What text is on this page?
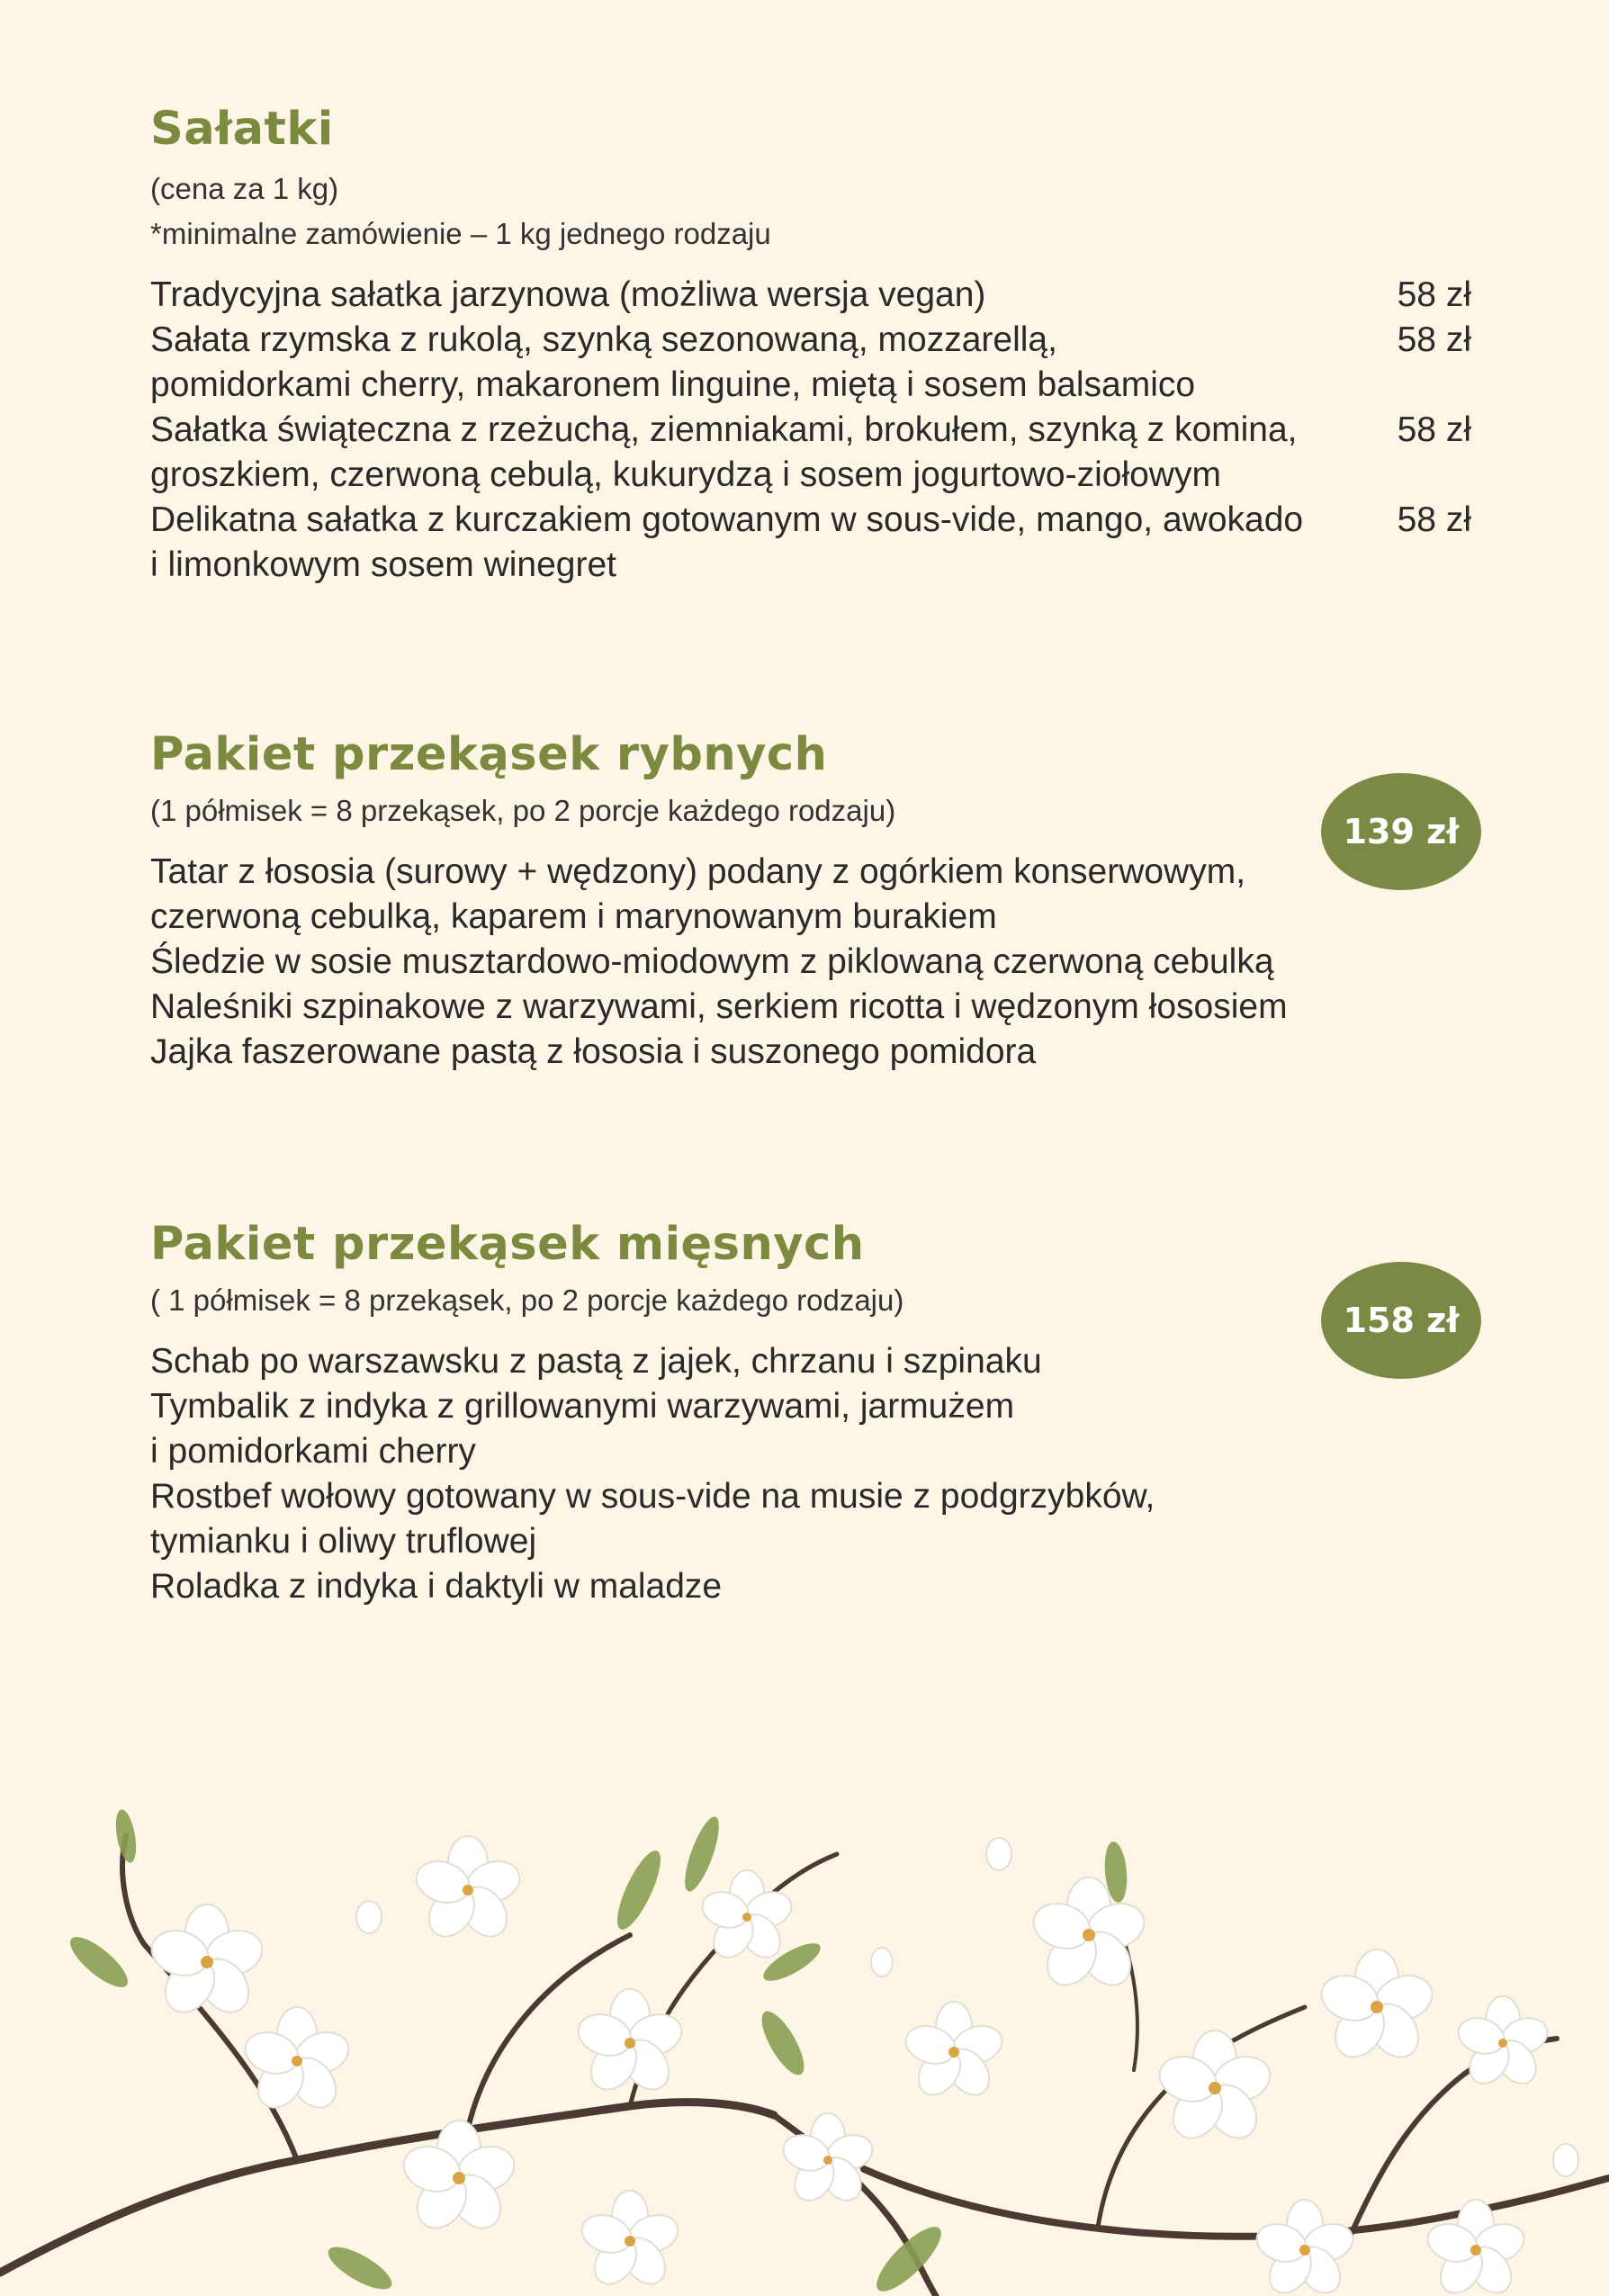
Sałatki
(cena za 1 kg)
*minimalne zamówienie – 1 kg jednego rodzaju
Tradycyjna sałatka jarzynowa (możliwa wersja vegan)	58 zł
Sałata rzymska z rukolą, szynką sezonowaną, mozzarellą,
pomidorkami cherry, makaronem linguine, miętą i sosem balsamico
58 zł
Sałatka świąteczna z rzeżuchą, ziemniakami, brokułem, szynką z komina,
groszkiem, czerwoną cebulą, kukurydzą i sosem jogurtowo-ziołowym
58 zł
Delikatna sałatka z kurczakiem gotowanym w sous-vide, mango, awokado
i limonkowym sosem winegret
58 zł
Pakiet przekąsek rybnych
(1 półmisek = 8 przekąsek, po 2 porcje każdego rodzaju)
Tatar z łososia (surowy + wędzony) podany z ogórkiem konserwowym,
czerwoną cebulką, kaparem i marynowanym burakiem
Śledzie w sosie musztardowo-miodowym z piklowaną czerwoną cebulką
Naleśniki szpinakowe z warzywami, serkiem ricotta i wędzonym łososiem
Jajka faszerowane pastą z łososia i suszonego pomidora
139 zł
Pakiet przekąsek mięsnych
( 1 półmisek = 8 przekąsek, po 2 porcje każdego rodzaju)
Schab po warszawsku z pastą z jajek, chrzanu i szpinaku
Tymbalik z indyka z grillowanymi warzywami, jarmużem
i pomidorkami cherry
Rostbef wołowy gotowany w sous-vide na musie z podgrzybków,
tymianku i oliwy truflowej
Roladka z indyka i daktyli w maladze
158 zł
